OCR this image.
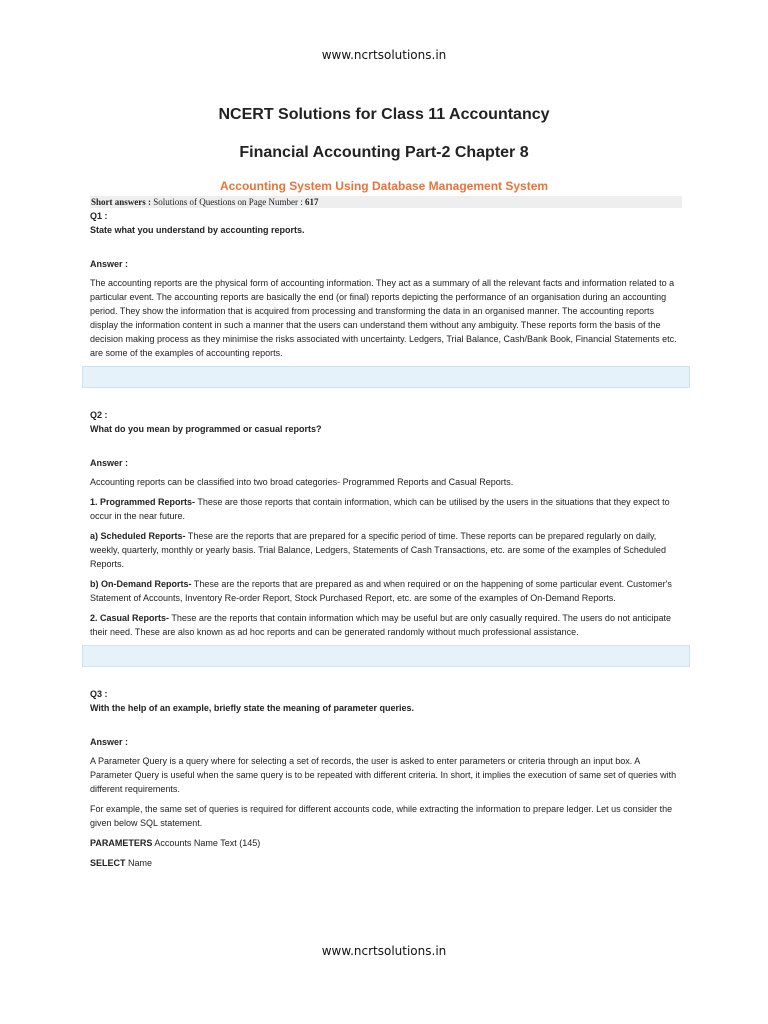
www.ncrtsolutions.in
NCERT Solutions for Class 11 Accountancy
Financial Accounting Part-2 Chapter 8
Accounting System Using Database Management System
Short answers : Solutions of Questions on Page Number : 617
Q1 :
State what you understand by accounting reports.
Answer :

The accounting reports are the physical form of accounting information. They act as a summary of all the relevant facts and information related to a particular event. The accounting reports are basically the end (or final) reports depicting the performance of an organisation during an accounting period. They show the information that is acquired from processing and transforming the data in an organised manner. The accounting reports display the information content in such a manner that the users can understand them without any ambiguity. These reports form the basis of the decision making process as they minimise the risks associated with uncertainty. Ledgers, Trial Balance, Cash/Bank Book, Financial Statements etc. are some of the examples of accounting reports.

Q2 :
What do you mean by programmed or casual reports?
Answer :

Accounting reports can be classified into two broad categories- Programmed Reports and Casual Reports.

1. Programmed Reports- These are those reports that contain information, which can be utilised by the users in the situations that they expect to occur in the near future.

a) Scheduled Reports- These are the reports that are prepared for a specific period of time. These reports can be prepared regularly on daily, weekly, quarterly, monthly or yearly basis. Trial Balance, Ledgers, Statements of Cash Transactions, etc. are some of the examples of Scheduled Reports.

b) On-Demand Reports- These are the reports that are prepared as and when required or on the happening of some particular event. Customer's Statement of Accounts, Inventory Re-order Report, Stock Purchased Report, etc. are some of the examples of On-Demand Reports.

2. Casual Reports- These are the reports that contain information which may be useful but are only casually required. The users do not anticipate their need. These are also known as ad hoc reports and can be generated randomly without much professional assistance.

Q3 :
With the help of an example, briefly state the meaning of parameter queries.
Answer :

A Parameter Query is a query where for selecting a set of records, the user is asked to enter parameters or criteria through an input box. A Parameter Query is useful when the same query is to be repeated with different criteria. In short, it implies the execution of same set of queries with different requirements.

For example, the same set of queries is required for different accounts code, while extracting the information to prepare ledger. Let us consider the given below SQL statement.

PARAMETERS Accounts Name Text (145)

SELECT Name

www.ncrtsolutions.in
